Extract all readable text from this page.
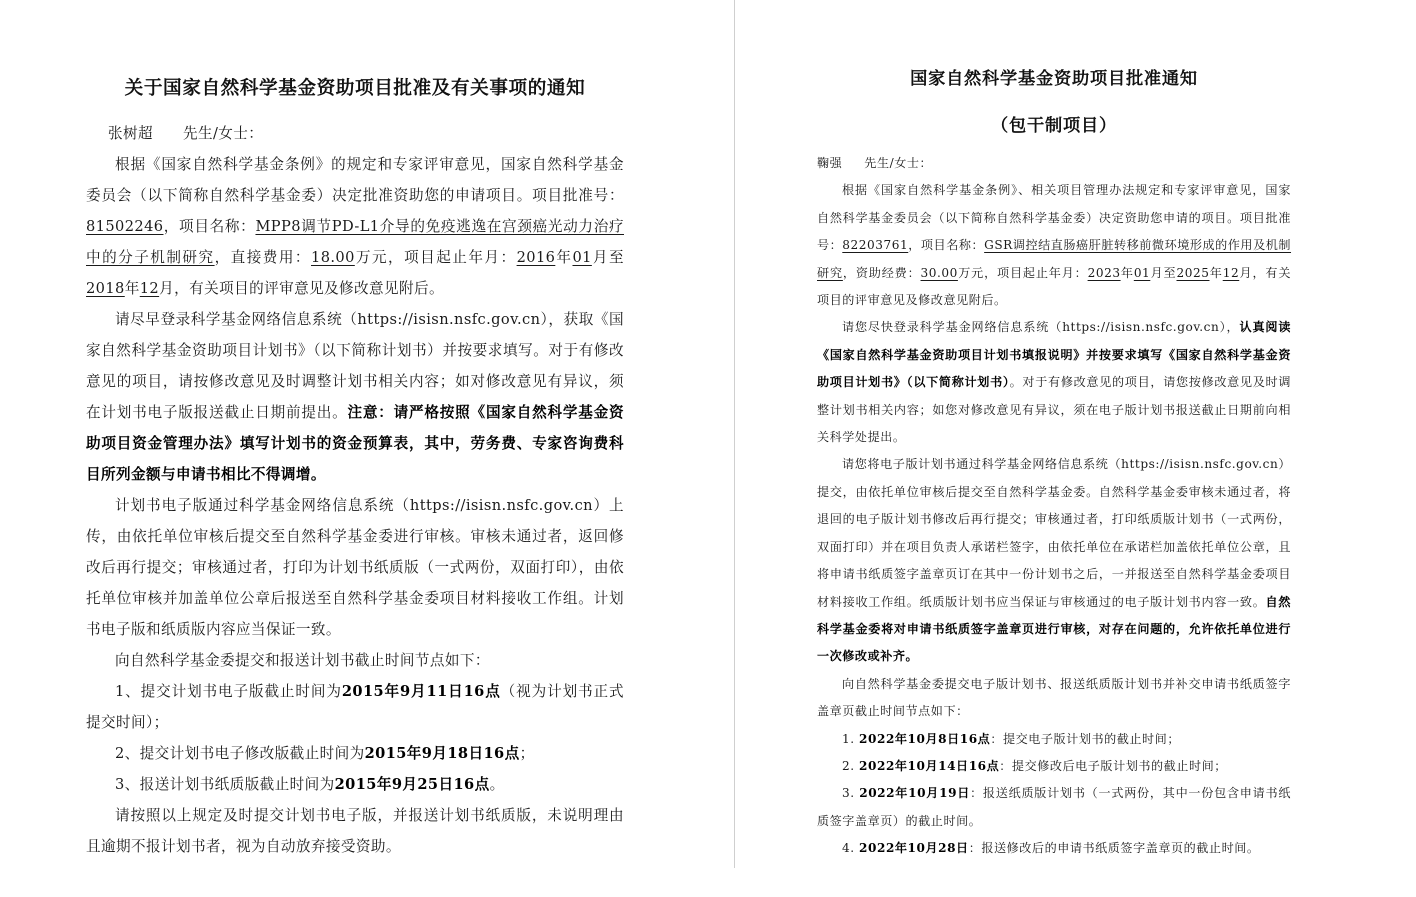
关于国家自然科学基金资助项目批准及有关事项的通知

张树超 先生/女士：

根据《国家自然科学基金条例》的规定和专家评审意见，国家自然科学基金委员会（以下简称自然科学基金委）决定批准资助您的申请项目。项目批准号：81502246，项目名称：MPP8调节PD-L1介导的免疫逃逸在宫颈癌光动力治疗中的分子机制研究，直接费用：18.00万元，项目起止年月：2016年01月至2018年12月，有关项目的评审意见及修改意见附后。

请尽早登录科学基金网络信息系统（https://isisn.nsfc.gov.cn），获取《国家自然科学基金资助项目计划书》（以下简称计划书）并按要求填写。对于有修改意见的项目，请按修改意见及时调整计划书相关内容；如对修改意见有异议，须在计划书电子版报送截止日期前提出。注意：请严格按照《国家自然科学基金资助项目资金管理办法》填写计划书的资金预算表，其中，劳务费、专家咨询费科目所列金额与申请书相比不得调增。

计划书电子版通过科学基金网络信息系统（https://isisn.nsfc.gov.cn）上传，由依托单位审核后提交至自然科学基金委进行审核。审核未通过者，返回修改后再行提交；审核通过者，打印为计划书纸质版（一式两份，双面打印），由依托单位审核并加盖单位公章后报送至自然科学基金委项目材料接收工作组。计划书电子版和纸质版内容应当保证一致。

向自然科学基金委提交和报送计划书截止时间节点如下：

1、提交计划书电子版截止时间为2015年9月11日16点（视为计划书正式提交时间）；

2、提交计划书电子修改版截止时间为2015年9月18日16点；

3、报送计划书纸质版截止时间为2015年9月25日16点。

请按照以上规定及时提交计划书电子版，并报送计划书纸质版，未说明理由且逾期不报计划书者，视为自动放弃接受资助。

国家自然科学基金资助项目批准通知
（包干制项目）

鞠强 先生/女士：

根据《国家自然科学基金条例》、相关项目管理办法规定和专家评审意见，国家自然科学基金委员会（以下简称自然科学基金委）决定资助您申请的项目。项目批准号：82203761，项目名称：GSR调控结直肠癌肝脏转移前微环境形成的作用及机制研究，资助经费：30.00万元，项目起止年月：2023年01月至2025年12月，有关项目的评审意见及修改意见附后。

请您尽快登录科学基金网络信息系统（https://isisn.nsfc.gov.cn），认真阅读《国家自然科学基金资助项目计划书填报说明》并按要求填写《国家自然科学基金资助项目计划书》（以下简称计划书）。对于有修改意见的项目，请您按修改意见及时调整计划书相关内容；如您对修改意见有异议，须在电子版计划书报送截止日期前向相关科学处提出。

请您将电子版计划书通过科学基金网络信息系统（https://isisn.nsfc.gov.cn）提交，由依托单位审核后提交至自然科学基金委。自然科学基金委审核未通过者，将退回的电子版计划书修改后再行提交；审核通过者，打印纸质版计划书（一式两份，双面打印）并在项目负责人承诺栏签字，由依托单位在承诺栏加盖依托单位公章，且将申请书纸质签字盖章页订在其中一份计划书之后，一并报送至自然科学基金委项目材料接收工作组。纸质版计划书应当保证与审核通过的电子版计划书内容一致。自然科学基金委将对申请书纸质签字盖章页进行审核，对存在问题的，允许依托单位进行一次修改或补齐。

向自然科学基金委提交电子版计划书、报送纸质版计划书并补交申请书纸质签字盖章页截止时间节点如下：

1. 2022年10月8日16点：提交电子版计划书的截止时间；

2. 2022年10月14日16点：提交修改后电子版计划书的截止时间；

3. 2022年10月19日：报送纸质版计划书（一式两份，其中一份包含申请书纸质签字盖章页）的截止时间。

4. 2022年10月28日：报送修改后的申请书纸质签字盖章页的截止时间。
